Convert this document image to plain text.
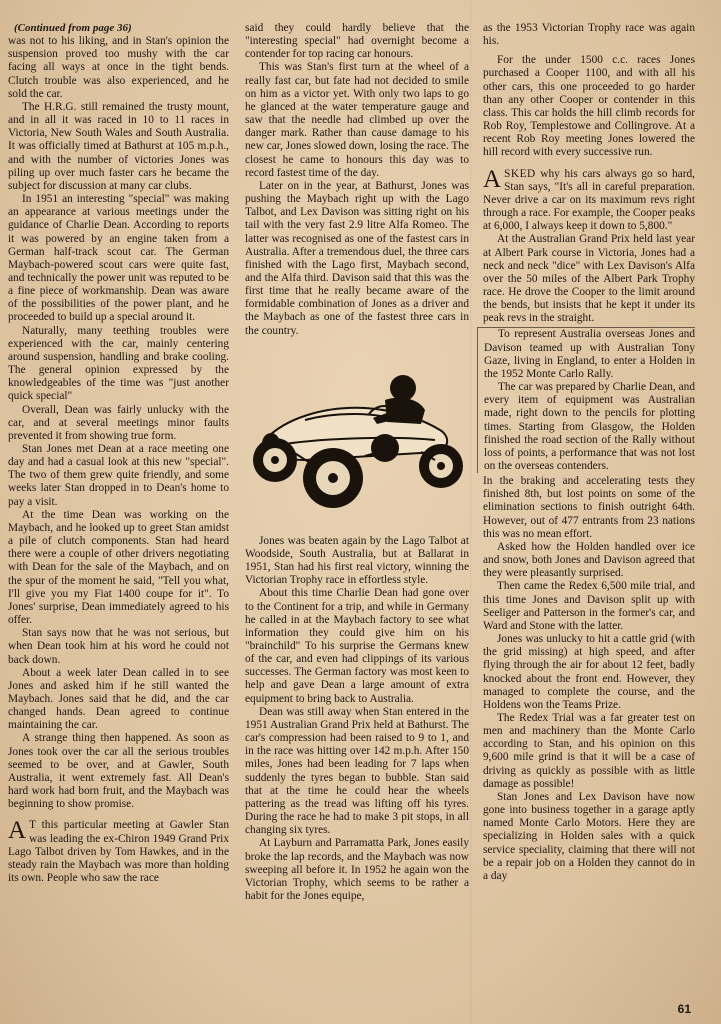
(Continued from page 36)

was not to his liking, and in Stan's opinion the suspension proved too mushy with the car facing all ways at once in the tight bends. Clutch trouble was also experienced, and he sold the car.

The H.R.G. still remained the trusty mount, and in all it was raced in 10 to 11 races in Victoria, New South Wales and South Australia. It was officially timed at Bathurst at 105 m.p.h., and with the number of victories Jones was piling up over much faster cars he became the subject for discussion at many car clubs.

In 1951 an interesting "special" was making an appearance at various meetings under the guidance of Charlie Dean. According to reports it was powered by an engine taken from a German half-track scout car. The German Maybach-powered scout cars were quite fast, and technically the power unit was reputed to be a fine piece of workmanship. Dean was aware of the possibilities of the power plant, and he proceeded to build up a special around it.

Naturally, many teething troubles were experienced with the car, mainly centering around suspension, handling and brake cooling. The general opinion expressed by the knowledgeables of the time was "just another quick special"

Overall, Dean was fairly unlucky with the car, and at several meetings minor faults prevented it from showing true form.

Stan Jones met Dean at a race meeting one day and had a casual look at this new "special". The two of them grew quite friendly, and some weeks later Stan dropped in to Dean's home to pay a visit.

At the time Dean was working on the Maybach, and he looked up to greet Stan amidst a pile of clutch components. Stan had heard there were a couple of other drivers negotiating with Dean for the sale of the Maybach, and on the spur of the moment he said, "Tell you what, I'll give you my Fiat 1400 coupe for it". To Jones' surprise, Dean immediately agreed to his offer.

Stan says now that he was not serious, but when Dean took him at his word he could not back down.

About a week later Dean called in to see Jones and asked him if he still wanted the Maybach. Jones said that he did, and the car changed hands. Dean agreed to continue maintaining the car.

A strange thing then happened. As soon as Jones took over the car all the serious troubles seemed to be over, and at Gawler, South Australia, it went extremely fast. All Dean's hard work had born fruit, and the Maybach was beginning to show promise.

A T this particular meeting at Gawler Stan was leading the ex-Chiron 1949 Grand Prix Lago Talbot driven by Tom Hawkes, and in the steady rain the Maybach was more than holding its own. People who saw the race

said they could hardly believe that the "interesting special" had overnight become a contender for top racing car honours.

This was Stan's first turn at the wheel of a really fast car, but fate had not decided to smile on him as a victor yet. With only two laps to go he glanced at the water temperature gauge and saw that the needle had climbed up over the danger mark. Rather than cause damage to his new car, Jones slowed down, losing the race. The closest he came to honours this day was to record fastest time of the day.

Later on in the year, at Bathurst, Jones was pushing the Maybach right up with the Lago Talbot, and Lex Davison was sitting right on his tail with the very fast 2.9 litre Alfa Romeo. The latter was recognised as one of the fastest cars in Australia. After a tremendous duel, the three cars finished with the Lago first, Maybach second, and the Alfa third. Davison said that this was the first time that he really became aware of the formidable combination of Jones as a driver and the Maybach as one of the fastest three cars in the country.

Jones was beaten again by the Lago Talbot at Woodside, South Australia, but at Ballarat in 1951, Stan had his first real victory, winning the Victorian Trophy race in effortless style.

About this time Charlie Dean had gone over to the Continent for a trip, and while in Germany he called in at the Maybach factory to see what information they could give him on his "brainchild" To his surprise the Germans knew of the car, and even had clippings of its various successes. The German factory was most keen to help and gave Dean a large amount of extra equipment to bring back to Australia.

Dean was still away when Stan entered in the 1951 Australian Grand Prix held at Bathurst. The car's compression had been raised to 9 to 1, and in the race was hitting over 142 m.p.h. After 150 miles, Jones had been leading for 7 laps when suddenly the tyres began to bubble. Stan said that at the time he could hear the wheels pattering as the tread was lifting off his tyres. During the race he had to make 3 pit stops, in all changing six tyres.

At Layburn and Parramatta Park, Jones easily broke the lap records, and the Maybach was now sweeping all before it. In 1952 he again won the Victorian Trophy, which seems to be rather a habit for the Jones equipe,

as the 1953 Victorian Trophy race was again his.

For the under 1500 c.c. races Jones purchased a Cooper 1100, and with all his other cars, this one proceeded to go harder than any other Cooper or contender in this class. This car holds the hill climb records for Rob Roy, Templestowe and Collingrove. At a recent Rob Roy meeting Jones lowered the hill record with every successive run.

ASKED why his cars always go so hard, Stan says, "It's all in careful preparation. Never drive a car on its maximum revs right through a race. For example, the Cooper peaks at 6,000, I always keep it down to 5,800."

At the Australian Grand Prix held last year at Albert Park course in Victoria, Jones had a neck and neck "dice" with Lex Davison's Alfa over the 50 miles of the Albert Park Trophy race. He drove the Cooper to the limit around the bends, but insists that he kept it under its peak revs in the straight.

To represent Australia overseas Jones and Davison teamed up with Australian Tony Gaze, living in England, to enter a Holden in the 1952 Monte Carlo Rally.

The car was prepared by Charlie Dean, and every item of equipment was Australian made, right down to the pencils for plotting times. Starting from Glasgow, the Holden finished the road section of the Rally without loss of points, a performance that was not lost on the overseas contenders.

In the braking and accelerating tests they finished 8th, but lost points on some of the elimination sections to finish outright 64th. However, out of 477 entrants from 23 nations this was no mean effort.

Asked how the Holden handled over ice and snow, both Jones and Davison agreed that they were pleasantly surprised.

Then came the Redex 6,500 mile trial, and this time Jones and Davison split up with Seeliger and Patterson in the former's car, and Ward and Stone with the latter.

Jones was unlucky to hit a cattle grid (with the grid missing) at high speed, and after flying through the air for about 12 feet, badly knocked about the front end. However, they managed to complete the course, and the Holdens won the Teams Prize.

The Redex Trial was a far greater test on men and machinery than the Monte Carlo according to Stan, and his opinion on this 9,600 mile grind is that it will be a case of driving as quickly as possible with as little damage as possible!

Stan Jones and Lex Davison have now gone into business together in a garage aptly named Monte Carlo Motors. Here they are specializing in Holden sales with a quick service speciality, claiming that there will not be a repair job on a Holden they cannot do in a day

61
